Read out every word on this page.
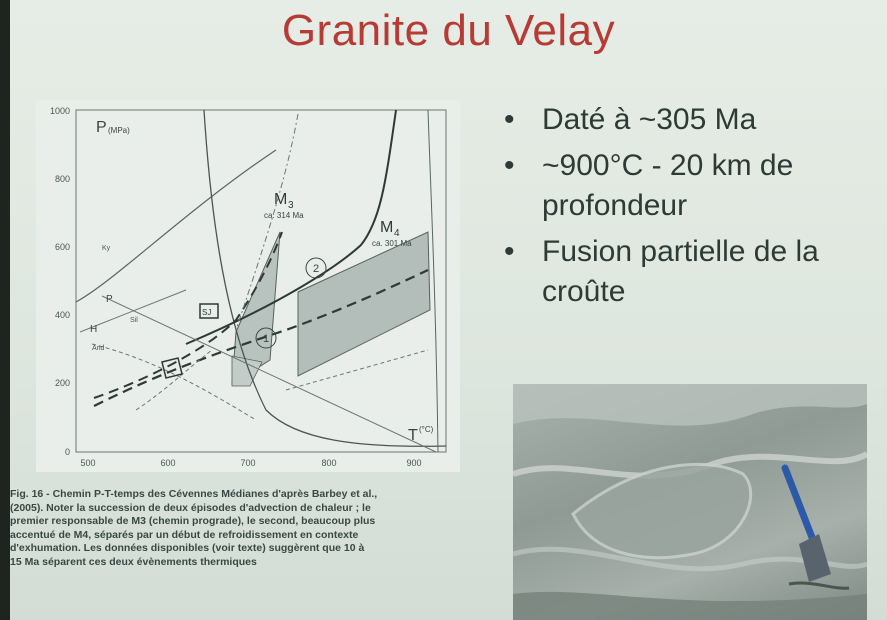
Granite du Velay
• Daté à ~305 Ma
• ~900°C - 20 km de profondeur
• Fusion partielle de la croûte
1000
800
600
400
200
0
500	600	700	800	900
P (MPa)
T (°C)
1
2
M 3
ca. 314 Ma
M 4
ca. 301 Ma
Ky
P
H
Sil
And
SJ
Fig. 16 - Chemin P-T-temps des Cévennes Médianes d'après Barbey et al.,
(2005). Noter la succession de deux épisodes d'advection de chaleur ; le
premier responsable de M3 (chemin prograde), le second, beaucoup plus
accentué de M4, séparés par un début de refroidissement en contexte
d'exhumation. Les données disponibles (voir texte) suggèrent que 10 à
15 Ma séparent ces deux évènements thermiques
